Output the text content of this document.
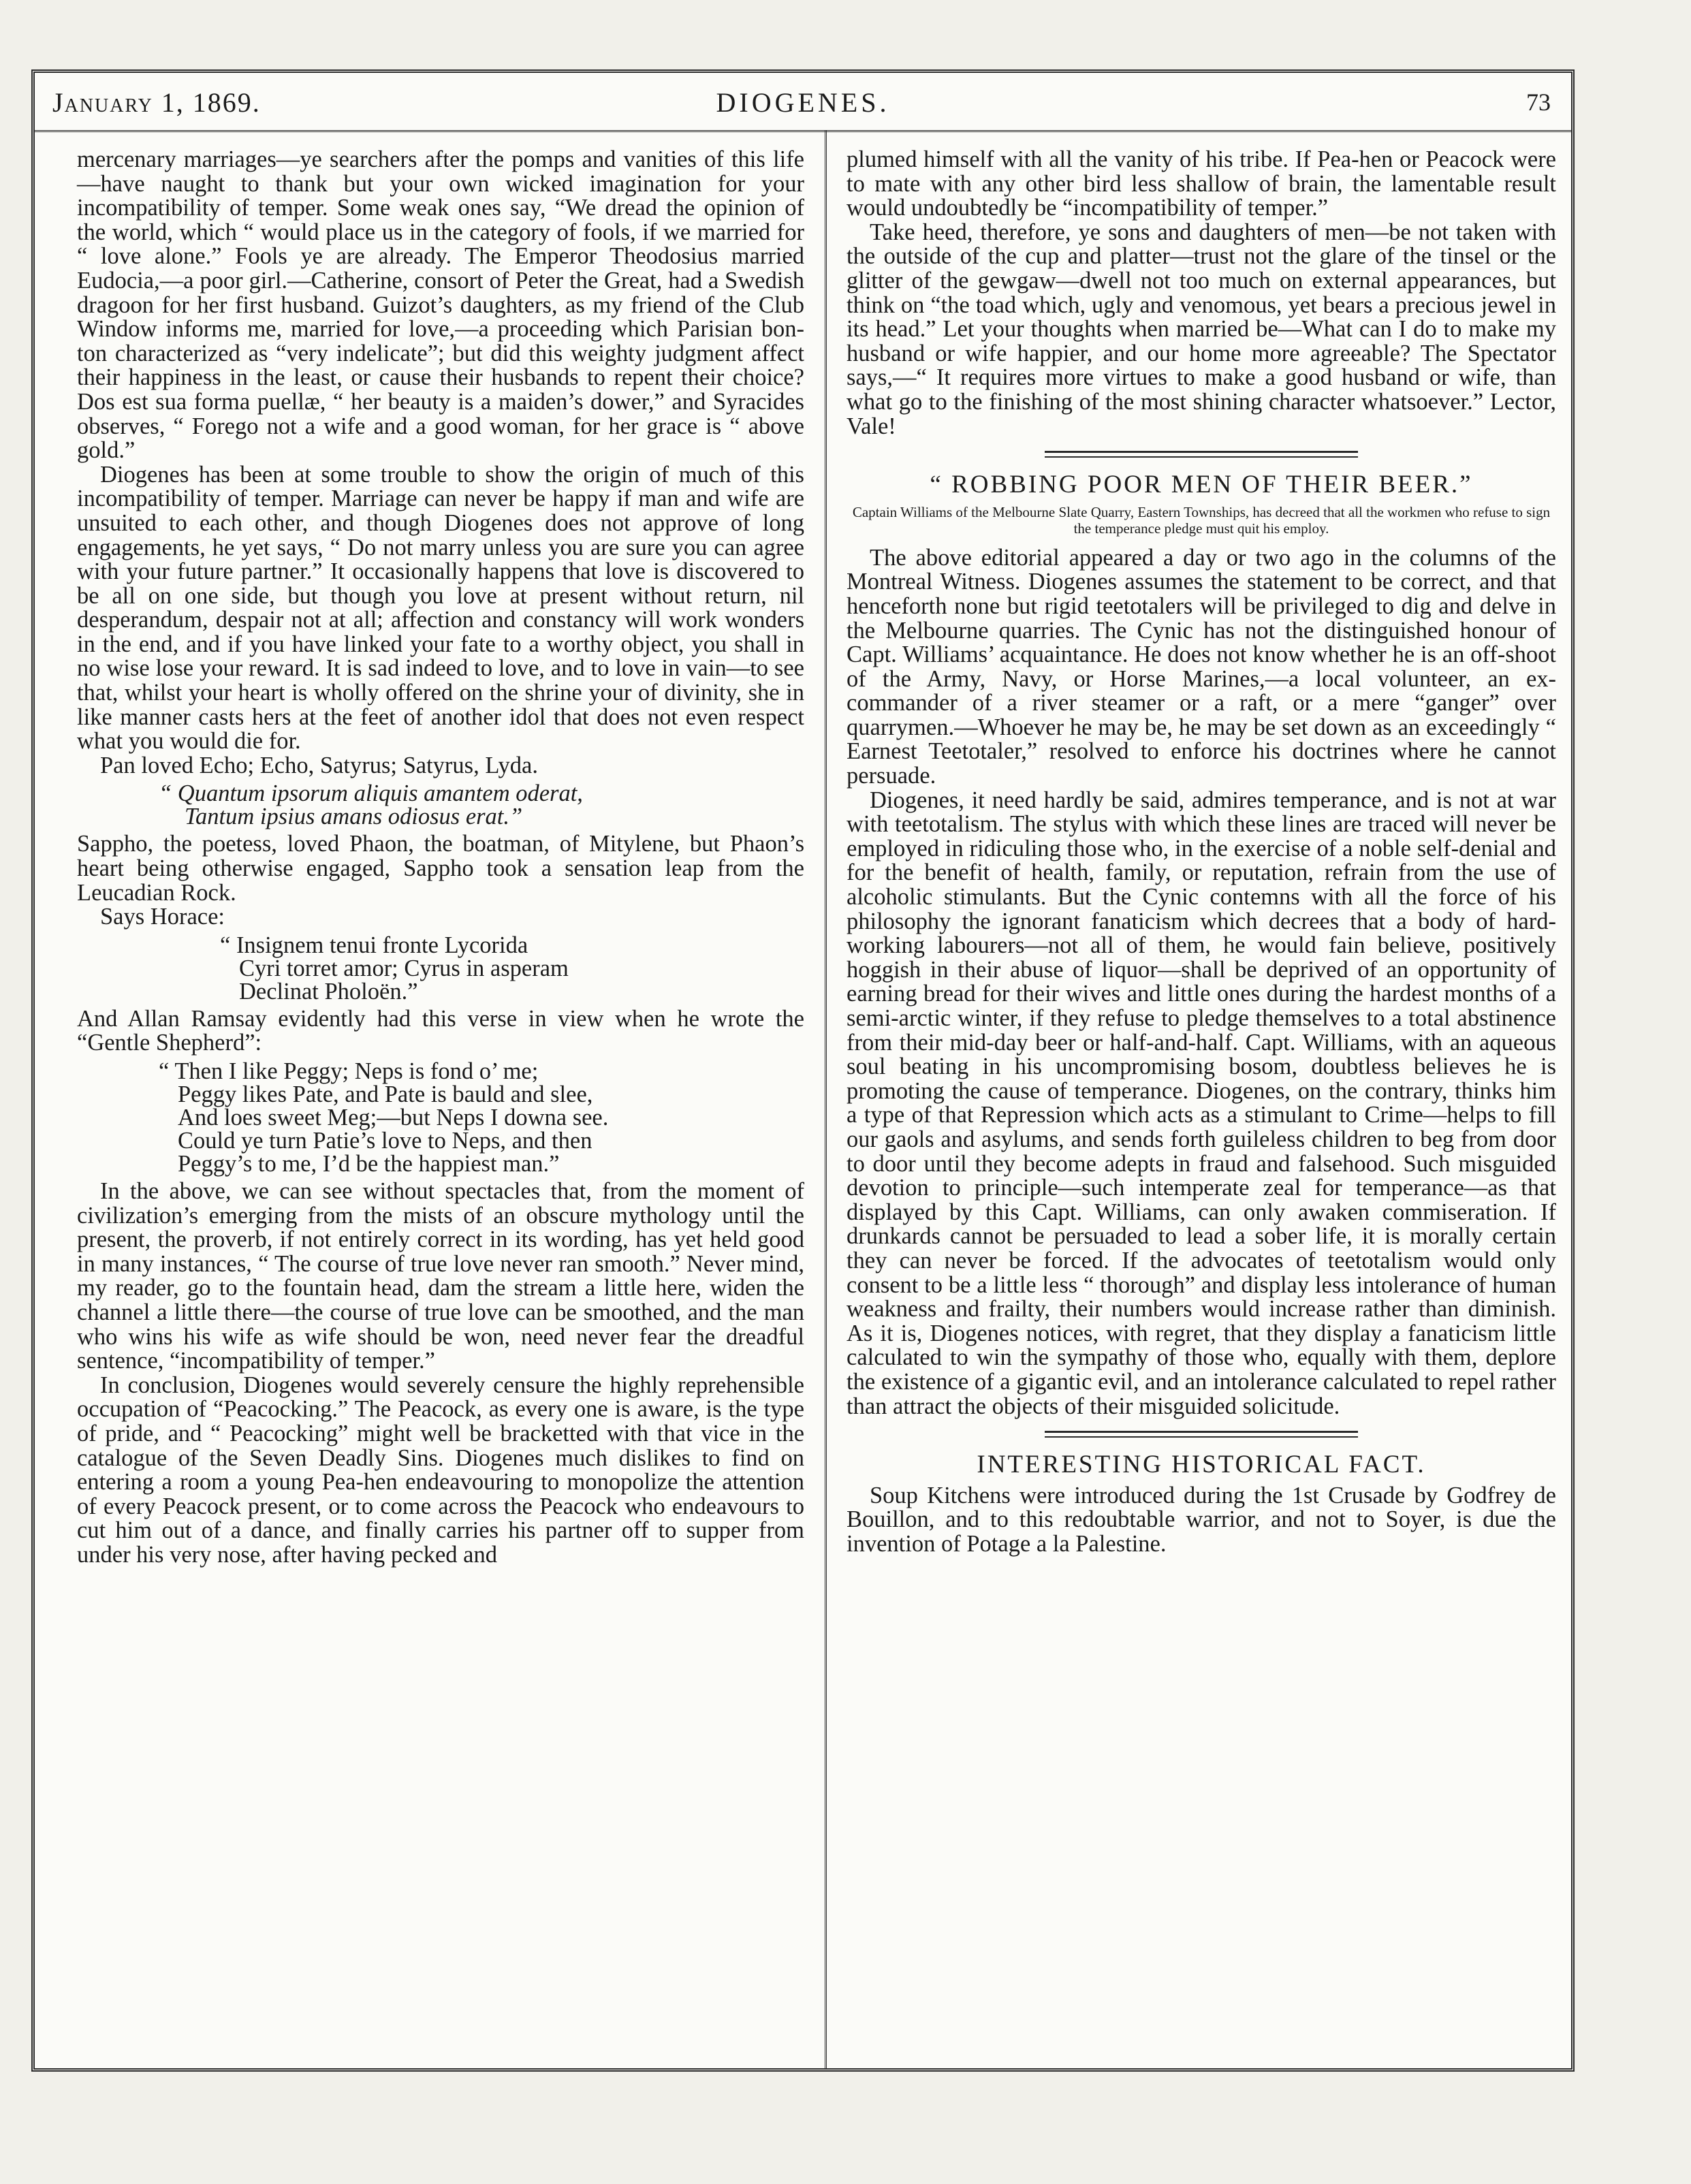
January 1, 1869.	DIOGENES.	73

mercenary marriages—ye searchers after the pomps and vanities of this life—have naught to thank but your own wicked imagination for your incompatibility of temper. Some weak ones say, “We dread the opinion of the world, which “ would place us in the category of fools, if we married for “ love alone.” Fools ye are already. The Emperor Theodosius married Eudocia,—a poor girl.—Catherine, consort of Peter the Great, had a Swedish dragoon for her first husband. Guizot’s daughters, as my friend of the Club Window informs me, married for love,—a proceeding which Parisian bon-ton characterized as “very indelicate”; but did this weighty judgment affect their happiness in the least, or cause their husbands to repent their choice? Dos est sua forma puellæ, “ her beauty is a maiden’s dower,” and Syracides observes, “ Forego not a wife and a good woman, for her grace is “ above gold.”

Diogenes has been at some trouble to show the origin of much of this incompatibility of temper. Marriage can never be happy if man and wife are unsuited to each other, and though Diogenes does not approve of long engagements, he yet says, “ Do not marry unless you are sure you can agree with your future partner.” It occasionally happens that love is discovered to be all on one side, but though you love at present without return, nil desperandum, despair not at all; affection and constancy will work wonders in the end, and if you have linked your fate to a worthy object, you shall in no wise lose your reward. It is sad indeed to love, and to love in vain—to see that, whilst your heart is wholly offered on the shrine your of divinity, she in like manner casts hers at the feet of another idol that does not even respect what you would die for.

Pan loved Echo; Echo, Satyrus; Satyrus, Lyda.

“ Quantum ipsorum aliquis amantem oderat,
Tantum ipsius amans odiosus erat.”

Sappho, the poetess, loved Phaon, the boatman, of Mitylene, but Phaon’s heart being otherwise engaged, Sappho took a sensation leap from the Leucadian Rock.

Says Horace:

“ Insignem tenui fronte Lycorida
Cyri torret amor; Cyrus in asperam
Declinat Pholoën.”

And Allan Ramsay evidently had this verse in view when he wrote the “Gentle Shepherd”:

“ Then I like Peggy; Neps is fond o’ me;
Peggy likes Pate, and Pate is bauld and slee,
And loes sweet Meg;—but Neps I downa see.
Could ye turn Patie’s love to Neps, and then
Peggy’s to me, I’d be the happiest man.”

In the above, we can see without spectacles that, from the moment of civilization’s emerging from the mists of an obscure mythology until the present, the proverb, if not entirely correct in its wording, has yet held good in many instances, “ The course of true love never ran smooth.” Never mind, my reader, go to the fountain head, dam the stream a little here, widen the channel a little there—the course of true love can be smoothed, and the man who wins his wife as wife should be won, need never fear the dreadful sentence, “incompatibility of temper.”

In conclusion, Diogenes would severely censure the highly reprehensible occupation of “Peacocking.” The Peacock, as every one is aware, is the type of pride, and “ Peacocking” might well be bracketted with that vice in the catalogue of the Seven Deadly Sins. Diogenes much dislikes to find on entering a room a young Pea-hen endeavouring to monopolize the attention of every Peacock present, or to come across the Peacock who endeavours to cut him out of a dance, and finally carries his partner off to supper from under his very nose, after having pecked and

plumed himself with all the vanity of his tribe. If Pea-hen or Peacock were to mate with any other bird less shallow of brain, the lamentable result would undoubtedly be “incompatibility of temper.”

Take heed, therefore, ye sons and daughters of men—be not taken with the outside of the cup and platter—trust not the glare of the tinsel or the glitter of the gewgaw—dwell not too much on external appearances, but think on “the toad which, ugly and venomous, yet bears a precious jewel in its head.” Let your thoughts when married be—What can I do to make my husband or wife happier, and our home more agreeable? The Spectator says,—“ It requires more virtues to make a good husband or wife, than what go to the finishing of the most shining character whatsoever.” Lector, Vale!

“ ROBBING POOR MEN OF THEIR BEER.”
Captain Williams of the Melbourne Slate Quarry, Eastern Townships, has decreed that all the workmen who refuse to sign the temperance pledge must quit his employ.

The above editorial appeared a day or two ago in the columns of the Montreal Witness. Diogenes assumes the statement to be correct, and that henceforth none but rigid teetotalers will be privileged to dig and delve in the Melbourne quarries. The Cynic has not the distinguished honour of Capt. Williams’ acquaintance. He does not know whether he is an off-shoot of the Army, Navy, or Horse Marines,—a local volunteer, an ex-commander of a river steamer or a raft, or a mere “ganger” over quarrymen.—Whoever he may be, he may be set down as an exceedingly “ Earnest Teetotaler,” resolved to enforce his doctrines where he cannot persuade.

Diogenes, it need hardly be said, admires temperance, and is not at war with teetotalism. The stylus with which these lines are traced will never be employed in ridiculing those who, in the exercise of a noble self-denial and for the benefit of health, family, or reputation, refrain from the use of alcoholic stimulants. But the Cynic contemns with all the force of his philosophy the ignorant fanaticism which decrees that a body of hard-working labourers—not all of them, he would fain believe, positively hoggish in their abuse of liquor—shall be deprived of an opportunity of earning bread for their wives and little ones during the hardest months of a semi-arctic winter, if they refuse to pledge themselves to a total abstinence from their mid-day beer or half-and-half. Capt. Williams, with an aqueous soul beating in his uncompromising bosom, doubtless believes he is promoting the cause of temperance. Diogenes, on the contrary, thinks him a type of that Repression which acts as a stimulant to Crime—helps to fill our gaols and asylums, and sends forth guileless children to beg from door to door until they become adepts in fraud and falsehood. Such misguided devotion to principle—such intemperate zeal for temperance—as that displayed by this Capt. Williams, can only awaken commiseration. If drunkards cannot be persuaded to lead a sober life, it is morally certain they can never be forced. If the advocates of teetotalism would only consent to be a little less “ thorough” and display less intolerance of human weakness and frailty, their numbers would increase rather than diminish. As it is, Diogenes notices, with regret, that they display a fanaticism little calculated to win the sympathy of those who, equally with them, deplore the existence of a gigantic evil, and an intolerance calculated to repel rather than attract the objects of their misguided solicitude.

INTERESTING HISTORICAL FACT.

Soup Kitchens were introduced during the 1st Crusade by Godfrey de Bouillon, and to this redoubtable warrior, and not to Soyer, is due the invention of Potage a la Palestine.
